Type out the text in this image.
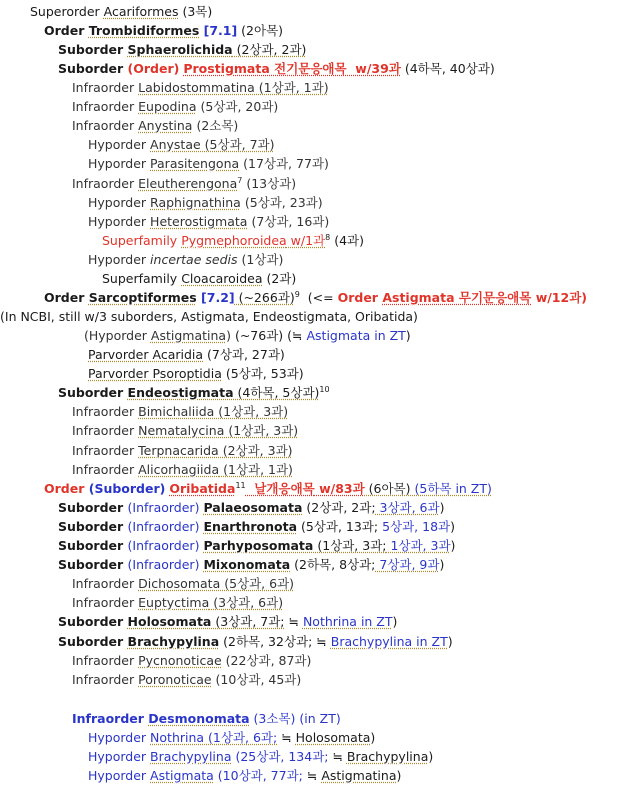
Superorder Acariformes (3목)
Order Trombidiformes [7.1] (2아목)
Suborder Sphaerolichida (2상과, 2과)
Suborder (Order) Prostigmata 전기문응애목  w/39과 (4하목, 40상과)
Infraorder Labidostommatina (1상과, 1과)
Infraorder Eupodina (5상과, 20과)
Infraorder Anystina (2소목)
Hyporder Anystae (5상과, 7과)
Hyporder Parasitengona (17상과, 77과)
Infraorder Eleutherengona$^7$ (13상과)
Hyporder Raphignathina (5상과, 23과)
Hyporder Heterostigmata (7상과, 16과)
Superfamily Pygmephoroidea w/1과$^8$ (4과)
Hyporder incertae sedis (1상과)
Superfamily Cloacaroidea (2과)
Order Sarcoptiformes [7.2] (~266과)$^9$  (<= Order Astigmata 무기문응애목 w/12과)
(In NCBI, still w/3 suborders, Astigmata, Endeostigmata, Oribatida)
(Hyporder Astigmatina) (~76과) (≒ Astigmata in ZT)
Parvorder Acaridia (7상과, 27과)
Parvorder Psoroptidia (5상과, 53과)
Suborder Endeostigmata (4하목, 5상과)$^{10}$
Infraorder Bimichaliida (1상과, 3과)
Infraorder Nematalycina (1상과, 3과)
Infraorder Terpnacarida (2상과, 3과)
Infraorder Alicorhagiida (1상과, 1과)
Order (Suborder) Oribatida$^{11}$  날개응애목 w/83과 (6아목) (5하목 in ZT)
Suborder (Infraorder) Palaeosomata (2상과, 2과; 3상과, 6과)
Suborder (Infraorder) Enarthronota (5상과, 13과; 5상과, 18과)
Suborder (Infraorder) Parhyposomata (1상과, 3과; 1상과, 3과)
Suborder (Infraorder) Mixonomata (2하목, 8상과; 7상과, 9과)
Infraorder Dichosomata (5상과, 6과)
Infraorder Euptyctima (3상과, 6과)
Suborder Holosomata (3상과, 7과; ≒ Nothrina in ZT)
Suborder Brachypylina (2하목, 32상과; ≒ Brachypylina in ZT)
Infraorder Pycnonoticae (22상과, 87과)
Infraorder Poronoticae (10상과, 45과)
Infraorder Desmonomata (3소목) (in ZT)
Hyporder Nothrina (1상과, 6과; ≒ Holosomata)
Hyporder Brachypylina (25상과, 134과; ≒ Brachypylina)
Hyporder Astigmata (10상과, 77과; ≒ Astigmatina)
